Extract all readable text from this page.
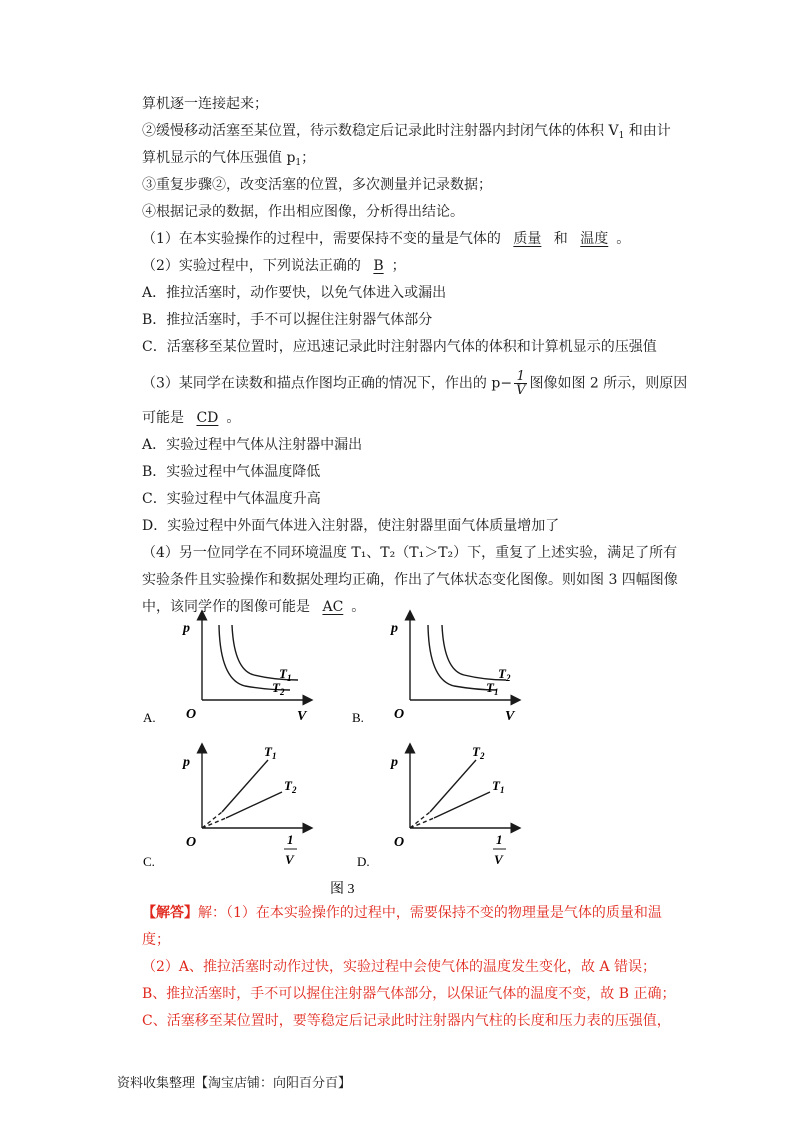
算机逐一连接起来；
②缓慢移动活塞至某位置，待示数稳定后记录此时注射器内封闭气体的体积 $V_1$ 和由计
算机显示的气体压强值 $p_1$；
③重复步骤②，改变活塞的位置，多次测量并记录数据；
④根据记录的数据，作出相应图像，分析得出结论。
（1）在本实验操作的过程中，需要保持不变的量是气体的 质量 和 温度 。
（2）实验过程中，下列说法正确的 B ；
A．推拉活塞时，动作要快，以免气体进入或漏出
B．推拉活塞时，手不可以握住注射器气体部分
C．活塞移至某位置时，应迅速记录此时注射器内气体的体积和计算机显示的压强值
（3）某同学在读数和描点作图均正确的情况下，作出的 $p- \frac{1}{V}$ 图像如图 2 所示，则原因
可能是 CD 。
A．实验过程中气体从注射器中漏出
B．实验过程中气体温度降低
C．实验过程中气体温度升高
D．实验过程中外面气体进入注射器，使注射器里面气体质量增加了
（4）另一位同学在不同环境温度 T₁、T₂（T₁＞T₂）下，重复了上述实验，满足了所有
实验条件且实验操作和数据处理均正确，作出了气体状态变化图像。则如图 3 四幅图像
中，该同学作的图像可能是 AC 。
p
V
O
$T_1$
$T_2$
A.
p
V
O
$T_2$
$T_1$
B.
p
O	1
V
$T_1$
$T_2$
C.
p
O	1
V
$T_2$
$T_1$
D.
图 3
【解答】解：（1）在本实验操作的过程中，需要保持不变的物理量是气体的质量和温
度；
（2）A、推拉活塞时动作过快，实验过程中会使气体的温度发生变化，故 A 错误；
B、推拉活塞时，手不可以握住注射器气体部分，以保证气体的温度不变，故 B 正确；
C、活塞移至某位置时，要等稳定后记录此时注射器内气柱的长度和压力表的压强值，
资料收集整理【淘宝店铺：向阳百分百】
